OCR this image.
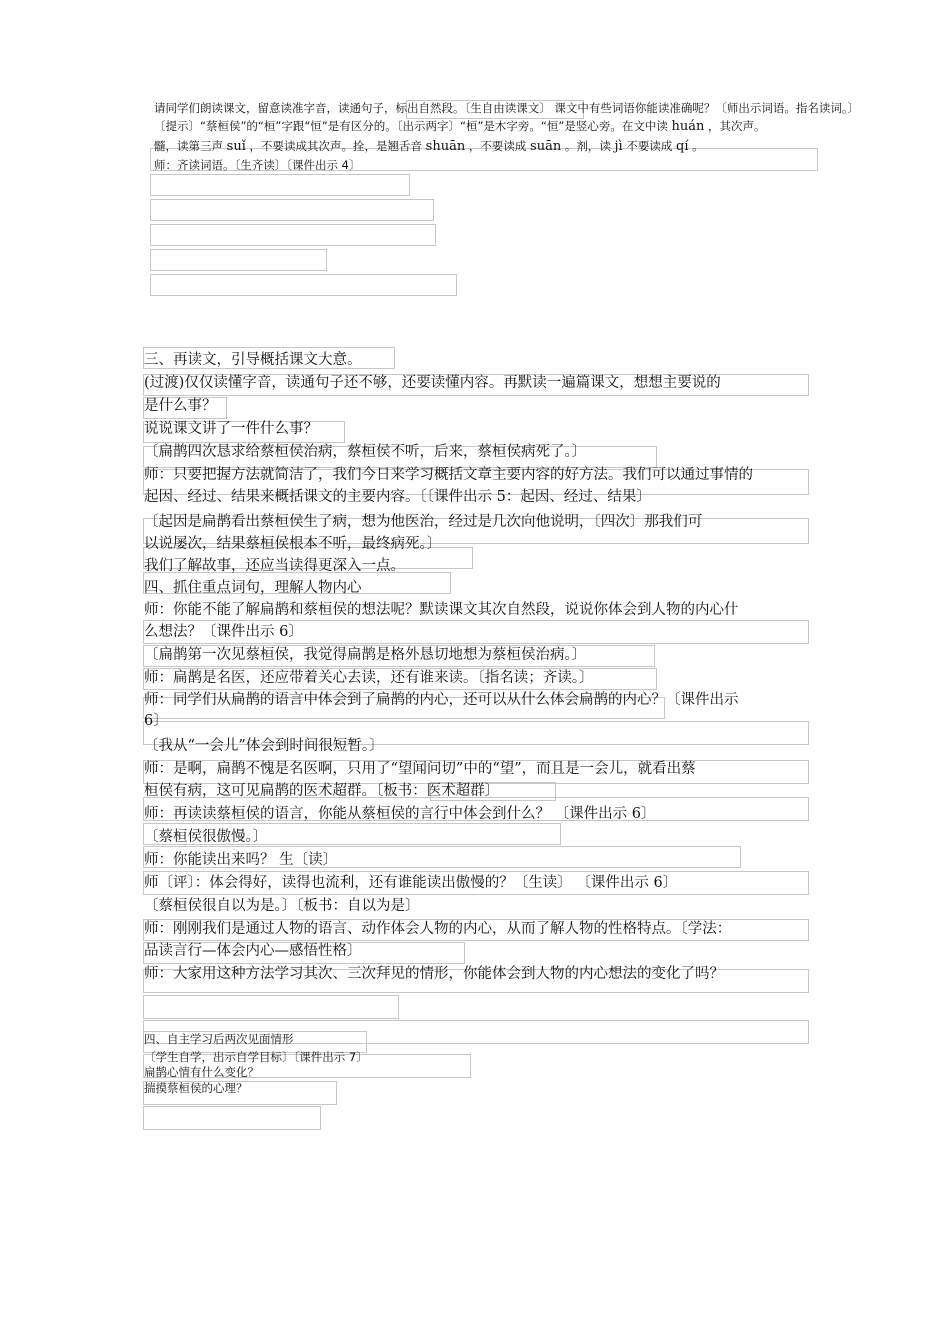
请同学们朗读课文，留意读准字音，读通句子，标出自然段。〔生自由读课文〕 课文中有些词语你能读准确呢？〔师出示词语。指名读词。〕
〔提示〕“蔡桓侯”的“桓”字跟“恒”是有区分的。〔出示两字〕“桓”是木字旁。“恒”是竖心旁。在文中读 huán ，其次声。
髓，读第三声 suǐ ，不要读成其次声。拴，是翘舌音 shuān ，不要读成 suān 。剂，读 jì 不要读成 qí 。
师：齐读词语。〔生齐读〕〔课件出示 4〕
三、再读文，引导概括课文大意。
(过渡)仅仅读懂字音，读通句子还不够，还要读懂内容。再默读一遍篇课文，想想主要说的
是什么事？
说说课文讲了一件什么事？
〔扁鹊四次恳求给蔡桓侯治病，蔡桓侯不听，后来，蔡桓侯病死了。〕
师：只要把握方法就简洁了，我们今日来学习概括文章主要内容的好方法。我们可以通过事情的
起因、经过、结果来概括课文的主要内容。〔〔课件出示 5：起因、经过、结果〕
〔起因是扁鹊看出蔡桓侯生了病，想为他医治，经过是几次向他说明，〔四次〕那我们可
以说屡次，结果蔡桓侯根本不听，最终病死。〕
我们了解故事，还应当读得更深入一点。
四、抓住重点词句，理解人物内心
师：你能不能了解扁鹊和蔡桓侯的想法呢？默读课文其次自然段，说说你体会到人物的内心什
么想法？〔课件出示 6〕
〔扁鹊第一次见蔡桓侯，我觉得扁鹊是格外恳切地想为蔡桓侯治病。〕
师：扁鹊是名医，还应带着关心去读，还有谁来读。〔指名读；齐读。〕
师：同学们从扁鹊的语言中体会到了扁鹊的内心，还可以从什么体会扁鹊的内心？〔课件出示
6〕
〔我从“一会儿”体会到时间很短暂。〕
师：是啊，扁鹊不愧是名医啊，只用了“望闻问切”中的“望”，而且是一会儿，就看出蔡
桓侯有病，这可见扁鹊的医术超群。〔板书：医术超群〕
师：再读读蔡桓侯的语言，你能从蔡桓侯的言行中体会到什么？ 〔课件出示 6〕
〔蔡桓侯很傲慢。〕
师：你能读出来吗？ 生〔读〕
师〔评〕：体会得好，读得也流利，还有谁能读出傲慢的？〔生读〕 〔课件出示 6〕
〔蔡桓侯很自以为是。〕〔板书：自以为是〕
师：刚刚我们是通过人物的语言、动作体会人物的内心，从而了解人物的性格特点。〔学法：
品读言行—体会内心—感悟性格〕
师：大家用这种方法学习其次、三次拜见的情形，你能体会到人物的内心想法的变化了吗？
四、自主学习后两次见面情形
〔学生自学，出示自学目标〕〔课件出示 7〕
扁鹊心情有什么变化？
揣摸蔡桓侯的心理？
